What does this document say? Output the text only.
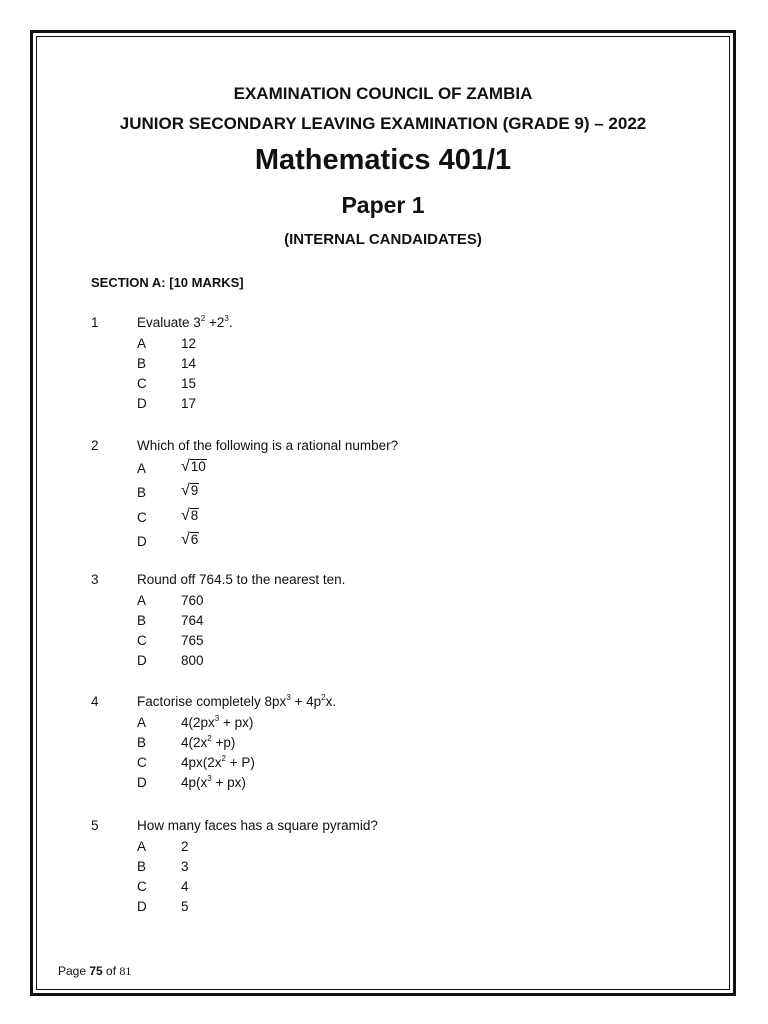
EXAMINATION COUNCIL OF ZAMBIA
JUNIOR SECONDARY LEAVING EXAMINATION (GRADE 9) – 2022
Mathematics 401/1
Paper 1
(INTERNAL CANDAIDATES)
SECTION A: [10 MARKS]
1	Evaluate $3^2 +2^3$.
A	12
B	14
C	15
D	17
2	Which of the following is a rational number?
A √ 10
B √ 9
C √ 8
D √ 6
3	Round off 764.5 to the nearest ten.
A	760
B	764
C	765
D	800
4	Factorise completely $8px^3 + 4p^2x$.
A	$4(2px^3 + px)$
B	$4(2x^2 +p)$
C	$4px(2x^2 + P)$
D	$4p(x^3 + px)$
5	How many faces has a square pyramid?
A	2
B	3
C	4
D	5
Page 75 of 81
